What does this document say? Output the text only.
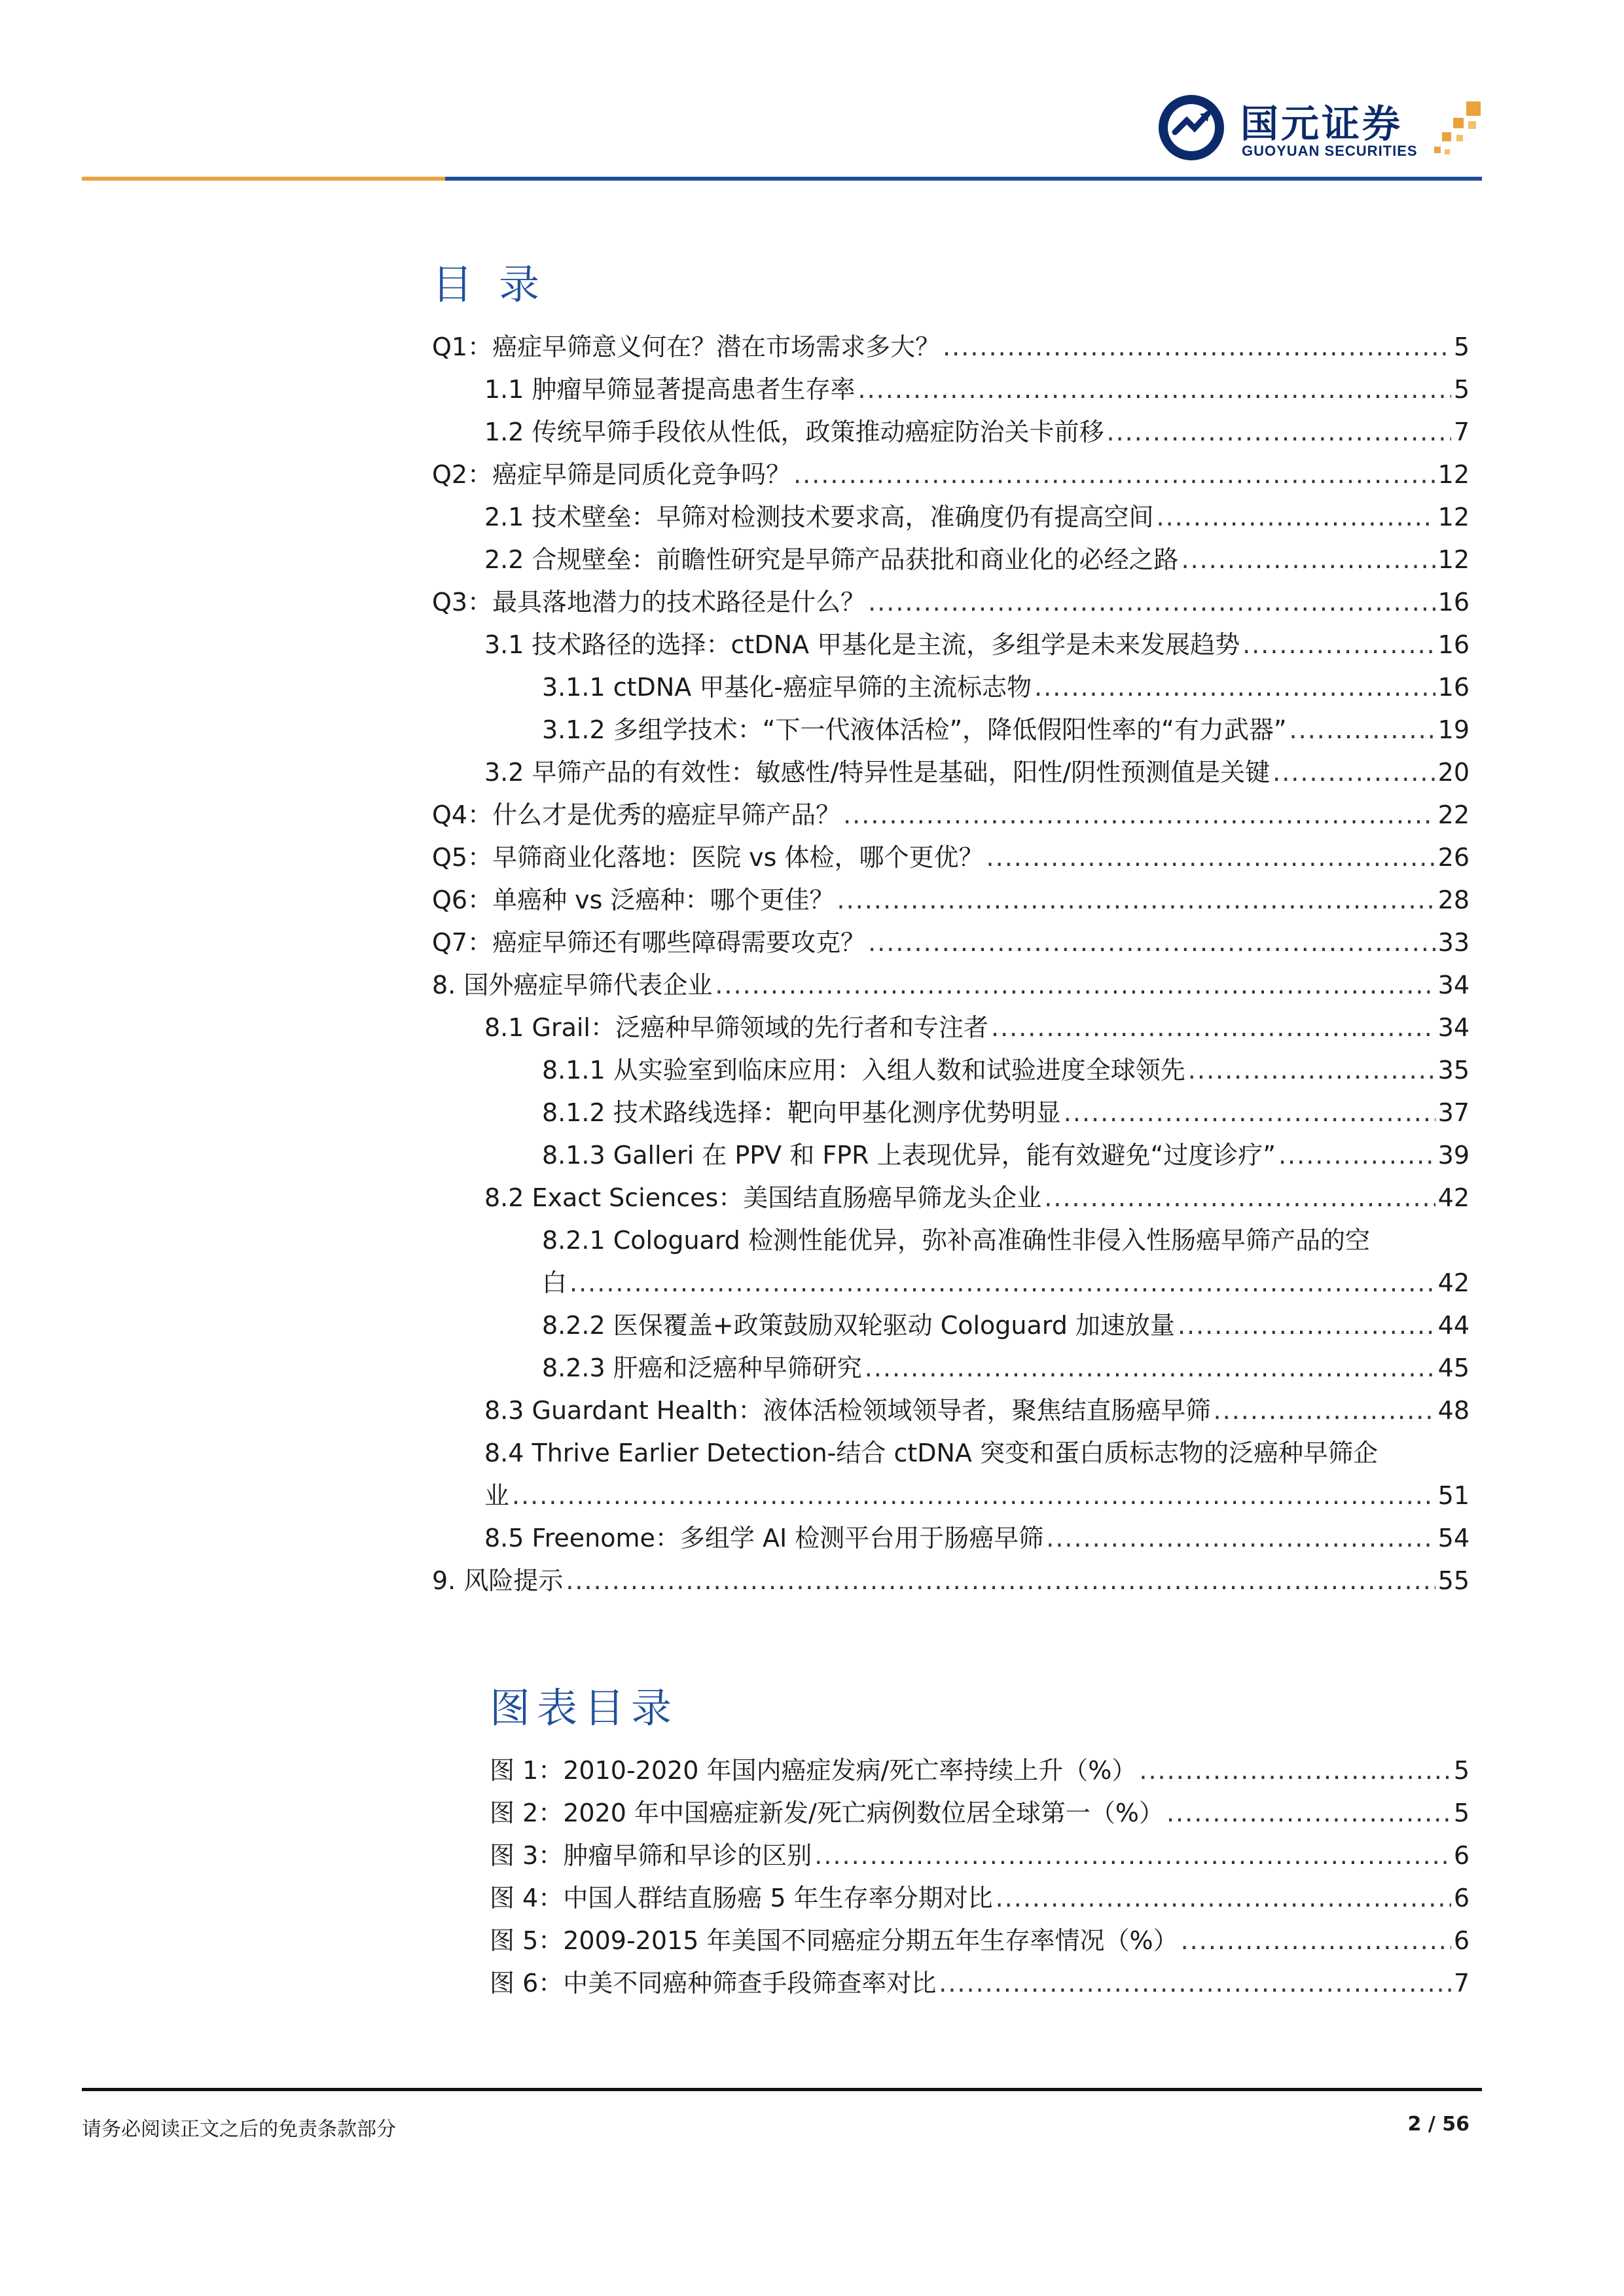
国元证券
GUOYUAN SECURITIES
目录
Q1：癌症早筛意义何在？潜在市场需求多大？ .....	5
1.1 肿瘤早筛显著提高患者生存率 .....	5
1.2 传统早筛手段依从性低，政策推动癌症防治关卡前移 .....	7
Q2：癌症早筛是同质化竞争吗？ .....	12
2.1 技术壁垒：早筛对检测技术要求高，准确度仍有提高空间 .....	12
2.2 合规壁垒：前瞻性研究是早筛产品获批和商业化的必经之路 .....	12
Q3：最具落地潜力的技术路径是什么？ .....	16
3.1 技术路径的选择：ctDNA 甲基化是主流，多组学是未来发展趋势 .....	16
3.1.1 ctDNA 甲基化-癌症早筛的主流标志物 .....	16
3.1.2 多组学技术：“下一代液体活检”，降低假阳性率的“有力武器” .....	19
3.2 早筛产品的有效性：敏感性/特异性是基础，阳性/阴性预测值是关键 .....	20
Q4：什么才是优秀的癌症早筛产品？ .....	22
Q5：早筛商业化落地：医院 vs 体检，哪个更优？ .....	26
Q6：单癌种 vs 泛癌种：哪个更佳？ .....	28
Q7：癌症早筛还有哪些障碍需要攻克？ .....	33
8. 国外癌症早筛代表企业 .....	34
8.1 Grail：泛癌种早筛领域的先行者和专注者 .....	34
8.1.1 从实验室到临床应用：入组人数和试验进度全球领先 .....	35
8.1.2 技术路线选择：靶向甲基化测序优势明显 .....	37
8.1.3 Galleri 在 PPV 和 FPR 上表现优异，能有效避免“过度诊疗” .....	39
8.2 Exact Sciences：美国结直肠癌早筛龙头企业 .....	42
8.2.1 Cologuard 检测性能优异，弥补高准确性非侵入性肠癌早筛产品的空
白 .....	42
8.2.2 医保覆盖+政策鼓励双轮驱动 Cologuard 加速放量 .....	44
8.2.3 肝癌和泛癌种早筛研究 .....	45
8.3 Guardant Health：液体活检领域领导者，聚焦结直肠癌早筛 .....	48
8.4 Thrive Earlier Detection-结合 ctDNA 突变和蛋白质标志物的泛癌种早筛企
业 .....	51
8.5 Freenome：多组学 AI 检测平台用于肠癌早筛 .....	54
9. 风险提示 .....	55
图表目录
图 1：2010-2020 年国内癌症发病/死亡率持续上升（%） .....	5
图 2：2020 年中国癌症新发/死亡病例数位居全球第一（%） .....	5
图 3：肿瘤早筛和早诊的区别 .....	6
图 4：中国人群结直肠癌 5 年生存率分期对比 .....	6
图 5：2009-2015 年美国不同癌症分期五年生存率情况（%） .....	6
图 6：中美不同癌种筛查手段筛查率对比 .....	7
请务必阅读正文之后的免责条款部分	2 / 56
